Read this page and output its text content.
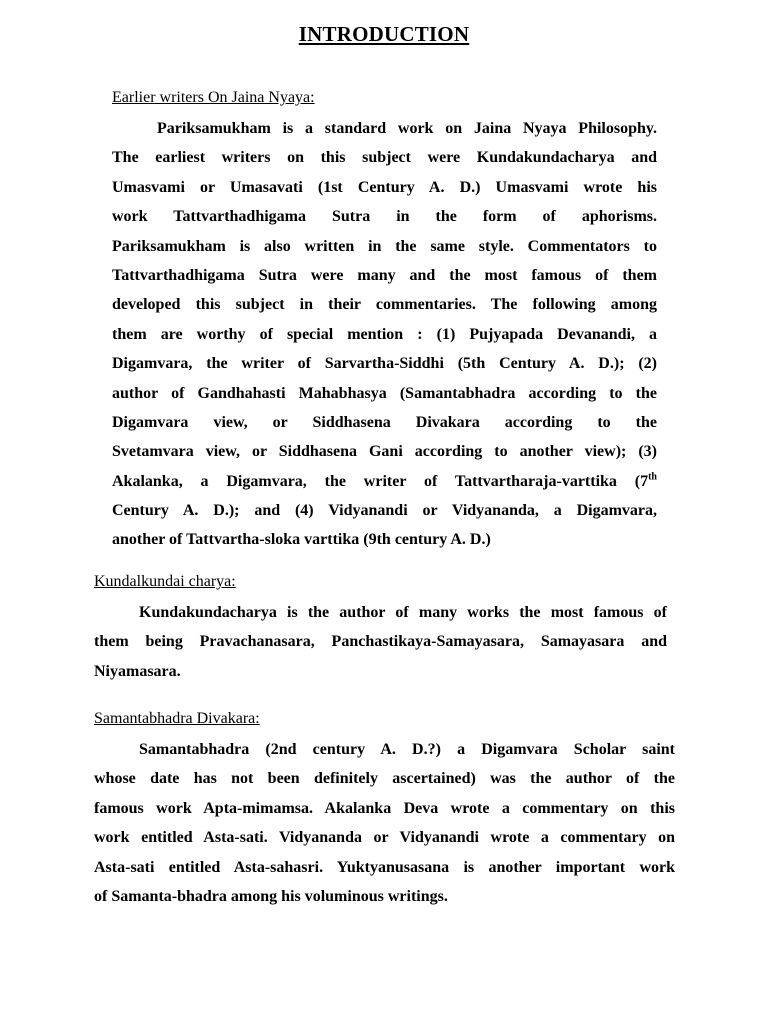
INTRODUCTION
Earlier writers On Jaina Nyaya:
Pariksamukham is a standard work on Jaina Nyaya Philosophy.
The earliest writers on this subject were Kundakundacharya and
Umasvami or Umasavati (1st Century A. D.) Umasvami wrote his
work Tattvarthadhigama Sutra in the form of aphorisms.
Pariksamukham is also written in the same style. Commentators to
Tattvarthadhigama Sutra were many and the most famous of them
developed this subject in their commentaries. The following among
them are worthy of special mention : (1) Pujyapada Devanandi, a
Digamvara, the writer of Sarvartha-Siddhi (5th Century A. D.); (2)
author of Gandhahasti Mahabhasya (Samantabhadra according to the
Digamvara view, or Siddhasena Divakara according to the
Svetamvara view, or Siddhasena Gani according to another view); (3)
Akalanka, a Digamvara, the writer of Tattvartharaja-varttika (7th
Century A. D.); and (4) Vidyanandi or Vidyananda, a Digamvara,
another of Tattvartha-sloka varttika (9th century A. D.)
Kundalkundai charya:
Kundakundacharya is the author of many works the most famous of
them being Pravachanasara, Panchastikaya-Samayasara, Samayasara and
Niyamasara.
Samantabhadra Divakara:
Samantabhadra (2nd century A. D.?) a Digamvara Scholar saint
whose date has not been definitely ascertained) was the author of the
famous work Apta-mimamsa. Akalanka Deva wrote a commentary on this
work entitled Asta-sati. Vidyananda or Vidyanandi wrote a commentary on
Asta-sati entitled Asta-sahasri. Yuktyanusasana is another important work
of Samanta-bhadra among his voluminous writings.
